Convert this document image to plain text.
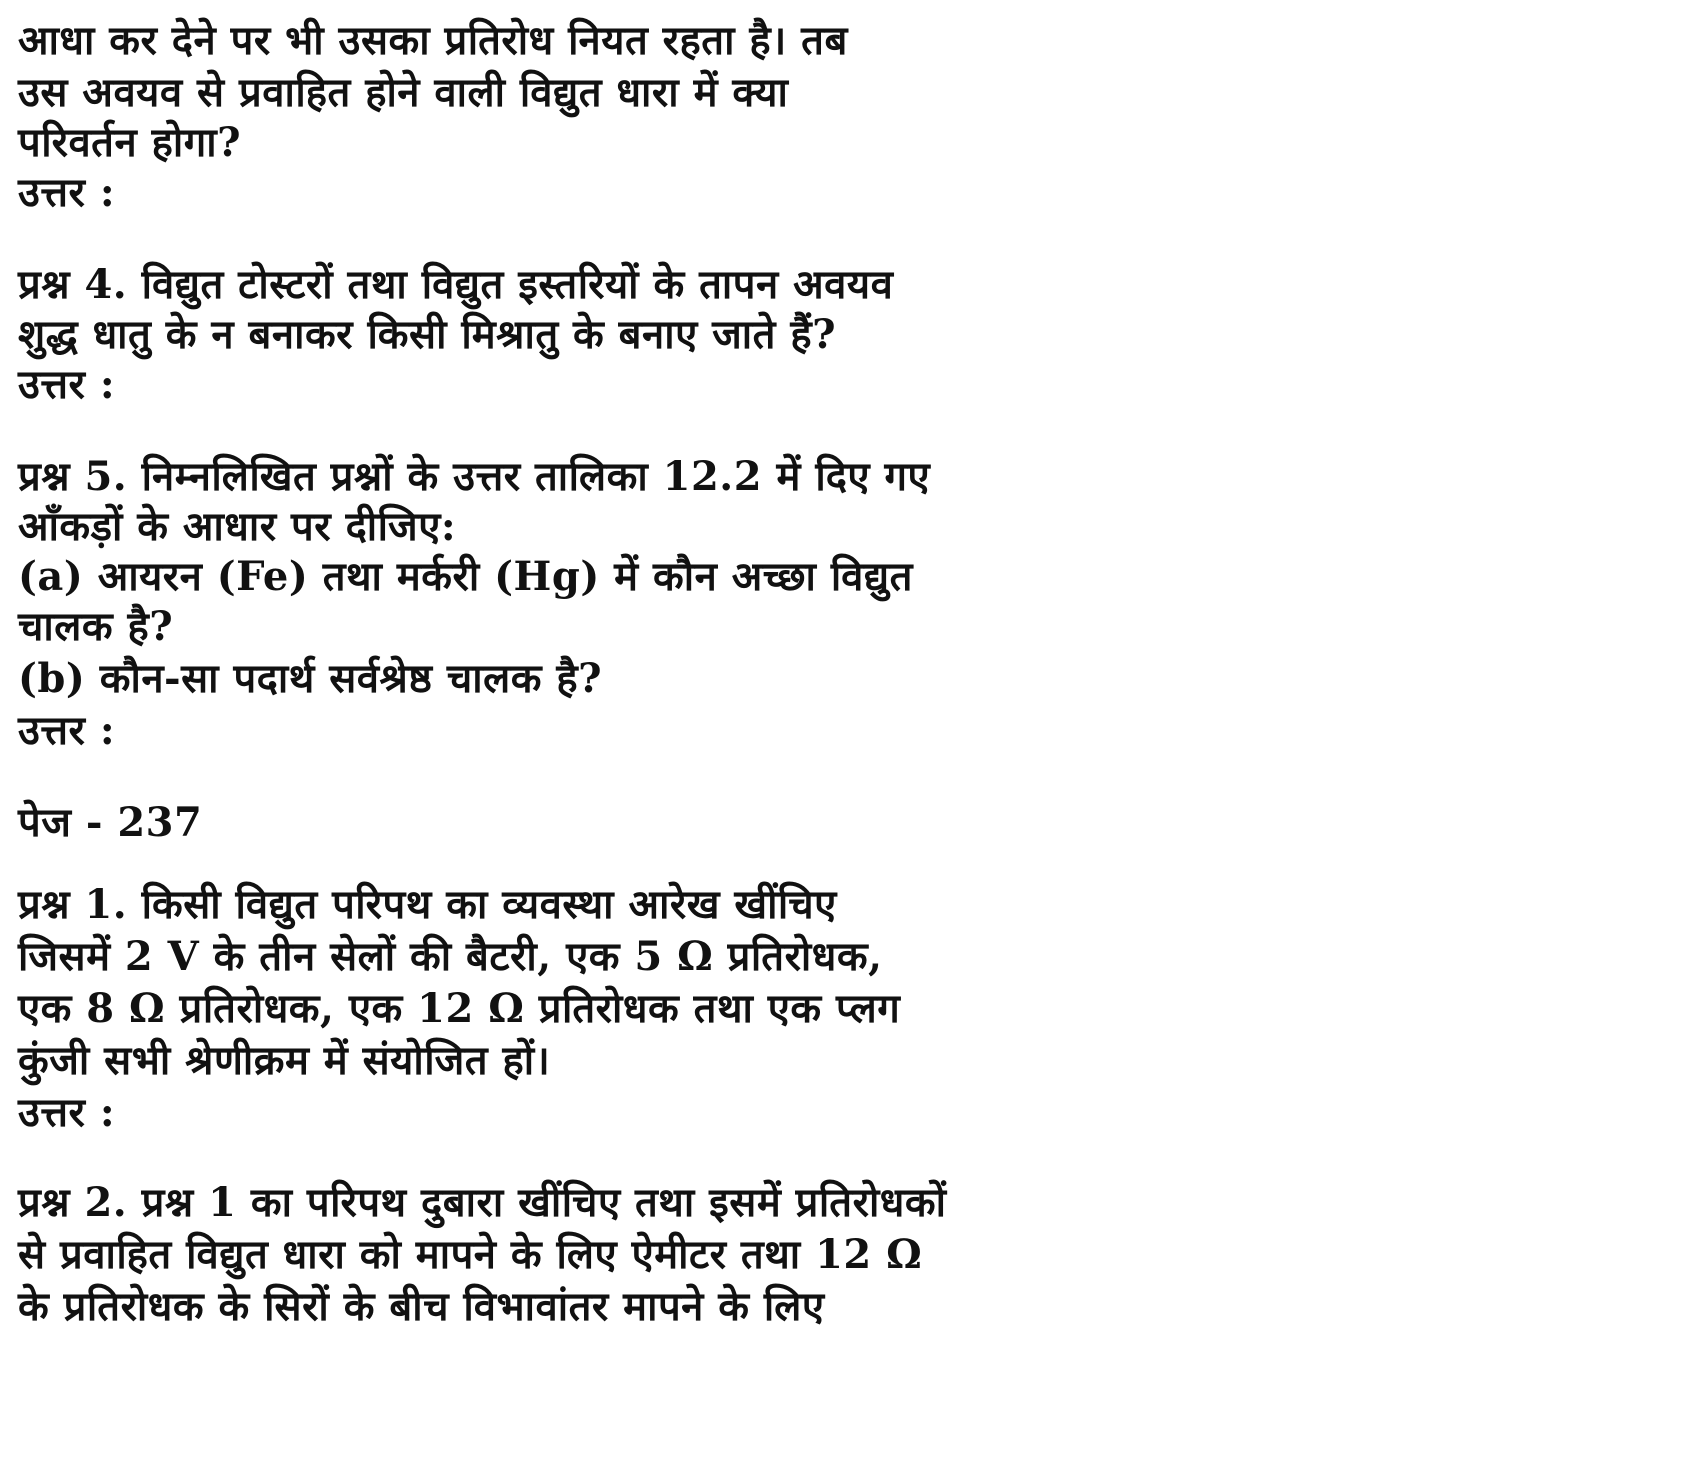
आधा कर देने पर भी उसका प्रतिरोध नियत रहता है। तब
उस अवयव से प्रवाहित होने वाली विद्युत धारा में क्या
परिवर्तन होगा?
उत्तर :
प्रश्न 4. विद्युत टोस्टरों तथा विद्युत इस्तरियों के तापन अवयव
शुद्ध धातु के न बनाकर किसी मिश्रातु के बनाए जाते हैं?
उत्तर :
प्रश्न 5. निम्नलिखित प्रश्नों के उत्तर तालिका 12.2 में दिए गए
आँकड़ों के आधार पर दीजिए:
(a) आयरन (Fe) तथा मर्करी (Hg) में कौन अच्छा विद्युत
चालक है?
(b) कौन-सा पदार्थ सर्वश्रेष्ठ चालक है?
उत्तर :
पेज - 237
प्रश्न 1. किसी विद्युत परिपथ का व्यवस्था आरेख खींचिए
जिसमें 2 V के तीन सेलों की बैटरी, एक 5 Ω प्रतिरोधक,
एक 8 Ω प्रतिरोधक, एक 12 Ω प्रतिरोधक तथा एक प्लग
कुंजी सभी श्रेणीक्रम में संयोजित हों।
उत्तर :
प्रश्न 2. प्रश्न 1 का परिपथ दुबारा खींचिए तथा इसमें प्रतिरोधकों
से प्रवाहित विद्युत धारा को मापने के लिए ऐमीटर तथा 12 Ω
के प्रतिरोधक के सिरों के बीच विभावांतर मापने के लिए
